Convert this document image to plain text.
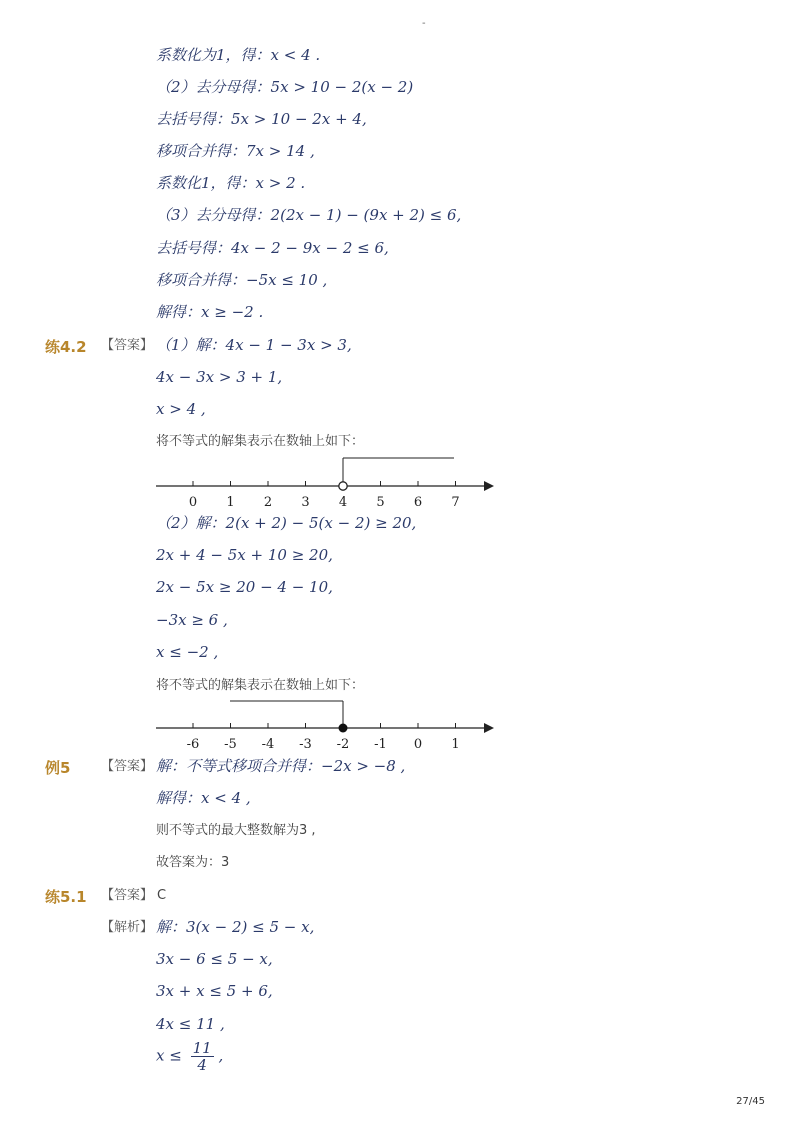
-
系数化为1，得：x < 4 .
（2）去分母得：5x > 10 − 2(x − 2)
去括号得：5x > 10 − 2x + 4,
移项合并得：7x > 14 ,
系数化1，得：x > 2 .
（3）去分母得：2(2x − 1) − (9x + 2) ≤ 6,
去括号得：4x − 2 − 9x − 2 ≤ 6,
移项合并得：−5x ≤ 10 ,
解得：x ≥ −2 .
练4.2 【答案】 （1）解：4x − 1 − 3x > 3,
4x − 3x > 3 + 1,
x > 4 ,
将不等式的解集表示在数轴上如下：
0 1 2 3 4 5 6 7
（2）解：2(x + 2) − 5(x − 2) ≥ 20,
2x + 4 − 5x + 10 ≥ 20,
2x − 5x ≥ 20 − 4 − 10,
−3x ≥ 6 ,
x ≤ −2 ,
将不等式的解集表示在数轴上如下：
-6 -5 -4 -3 -2 -1 0 1
例5 【答案】 解：不等式移项合并得：−2x > −8 ,
解得：x < 4 ,
则不等式的最大整数解为3 ,
故答案为：3
练5.1 【答案】 C
【解析】 解：3(x − 2) ≤ 5 − x,
3x − 6 ≤ 5 − x,
3x + x ≤ 5 + 6,
4x ≤ 11 ,
$x \le \frac{11}{4}$ ,
27/45
